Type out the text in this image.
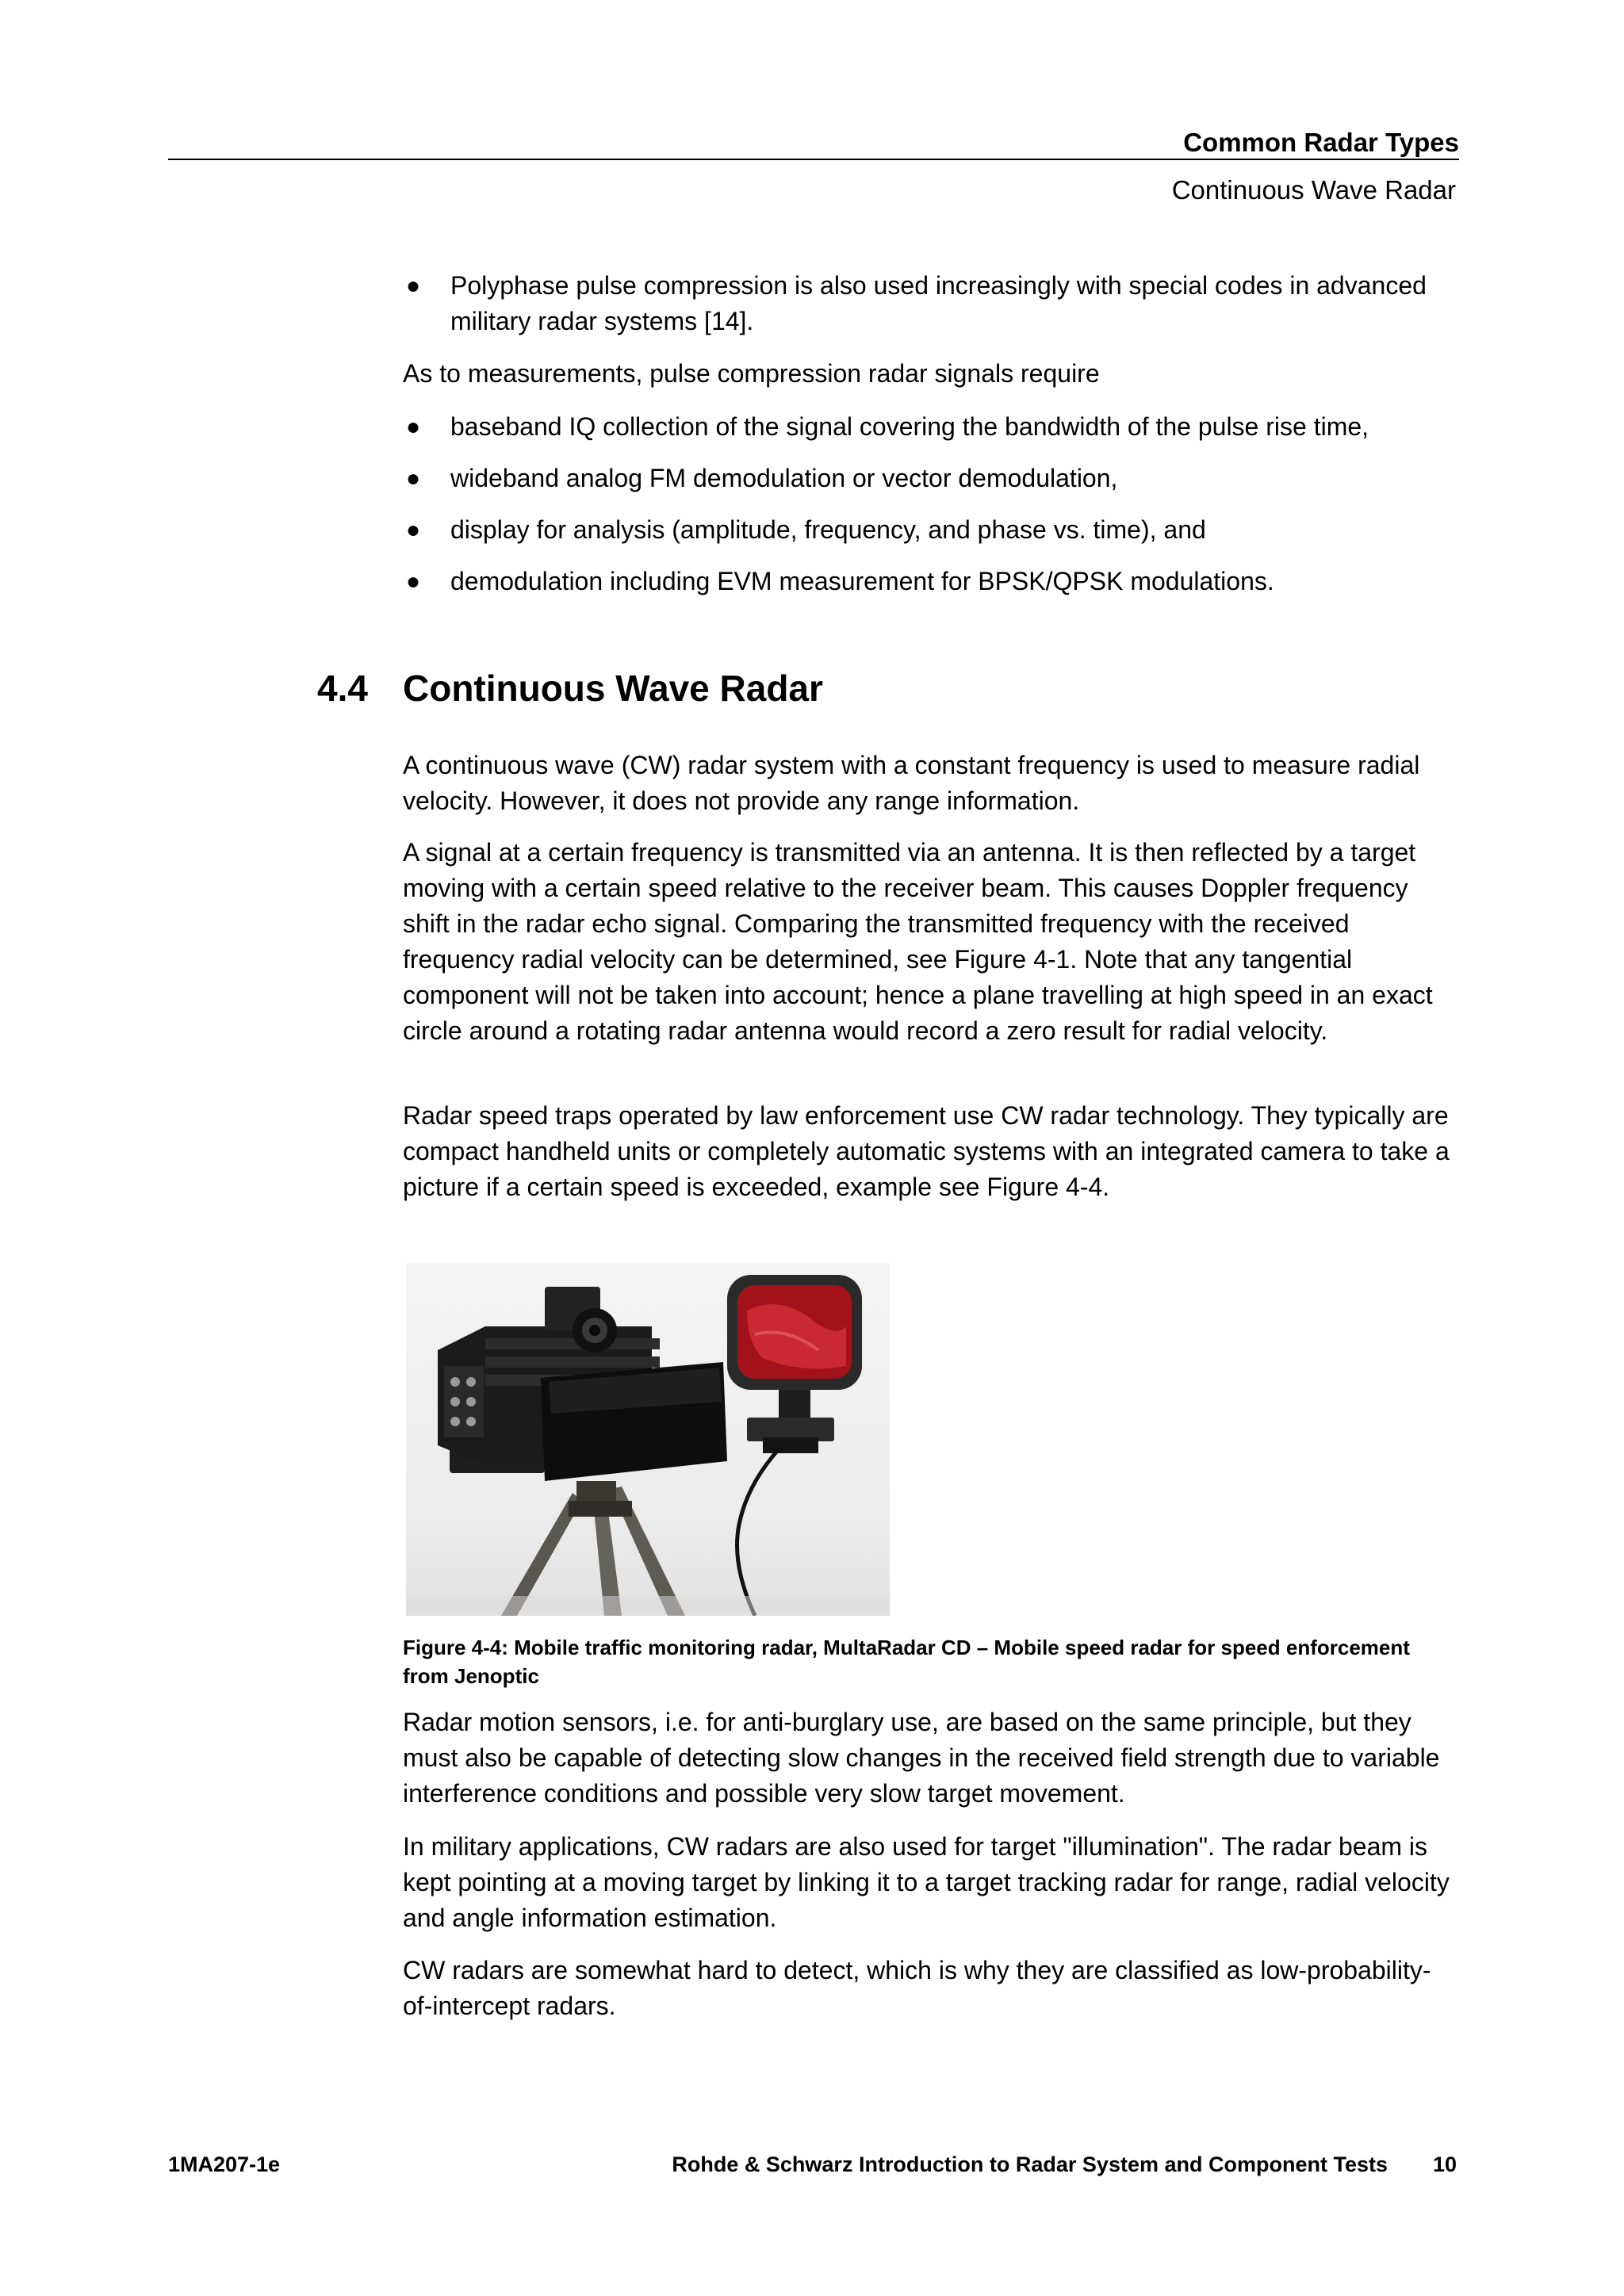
Common Radar Types
Continuous Wave Radar
●	Polyphase pulse compression is also used increasingly with special codes in advanced military radar systems [14].

As to measurements, pulse compression radar signals require

●	baseband IQ collection of the signal covering the bandwidth of the pulse rise time,
●	wideband analog FM demodulation or vector demodulation,
●	display for analysis (amplitude, frequency, and phase vs. time), and
●	demodulation including EVM measurement for BPSK/QPSK modulations.
4.4 Continuous Wave Radar

A continuous wave (CW) radar system with a constant frequency is used to measure radial velocity. However, it does not provide any range information.

A signal at a certain frequency is transmitted via an antenna. It is then reflected by a target moving with a certain speed relative to the receiver beam. This causes Doppler frequency shift in the radar echo signal. Comparing the transmitted frequency with the received frequency radial velocity can be determined, see Figure 4-1. Note that any tangential component will not be taken into account; hence a plane travelling at high speed in an exact circle around a rotating radar antenna would record a zero result for radial velocity.

Radar speed traps operated by law enforcement use CW radar technology. They typically are compact handheld units or completely automatic systems with an integrated camera to take a picture if a certain speed is exceeded, example see Figure 4-4.

Figure 4-4: Mobile traffic monitoring radar, MultaRadar CD – Mobile speed radar for speed enforcement from Jenoptic

Radar motion sensors, i.e. for anti-burglary use, are based on the same principle, but they must also be capable of detecting slow changes in the received field strength due to variable interference conditions and possible very slow target movement.

In military applications, CW radars are also used for target "illumination". The radar beam is kept pointing at a moving target by linking it to a target tracking radar for range, radial velocity and angle information estimation.

CW radars are somewhat hard to detect, which is why they are classified as low-probability-of-intercept radars.

1MA207-1e	Rohde & Schwarz Introduction to Radar System and Component Tests 10
